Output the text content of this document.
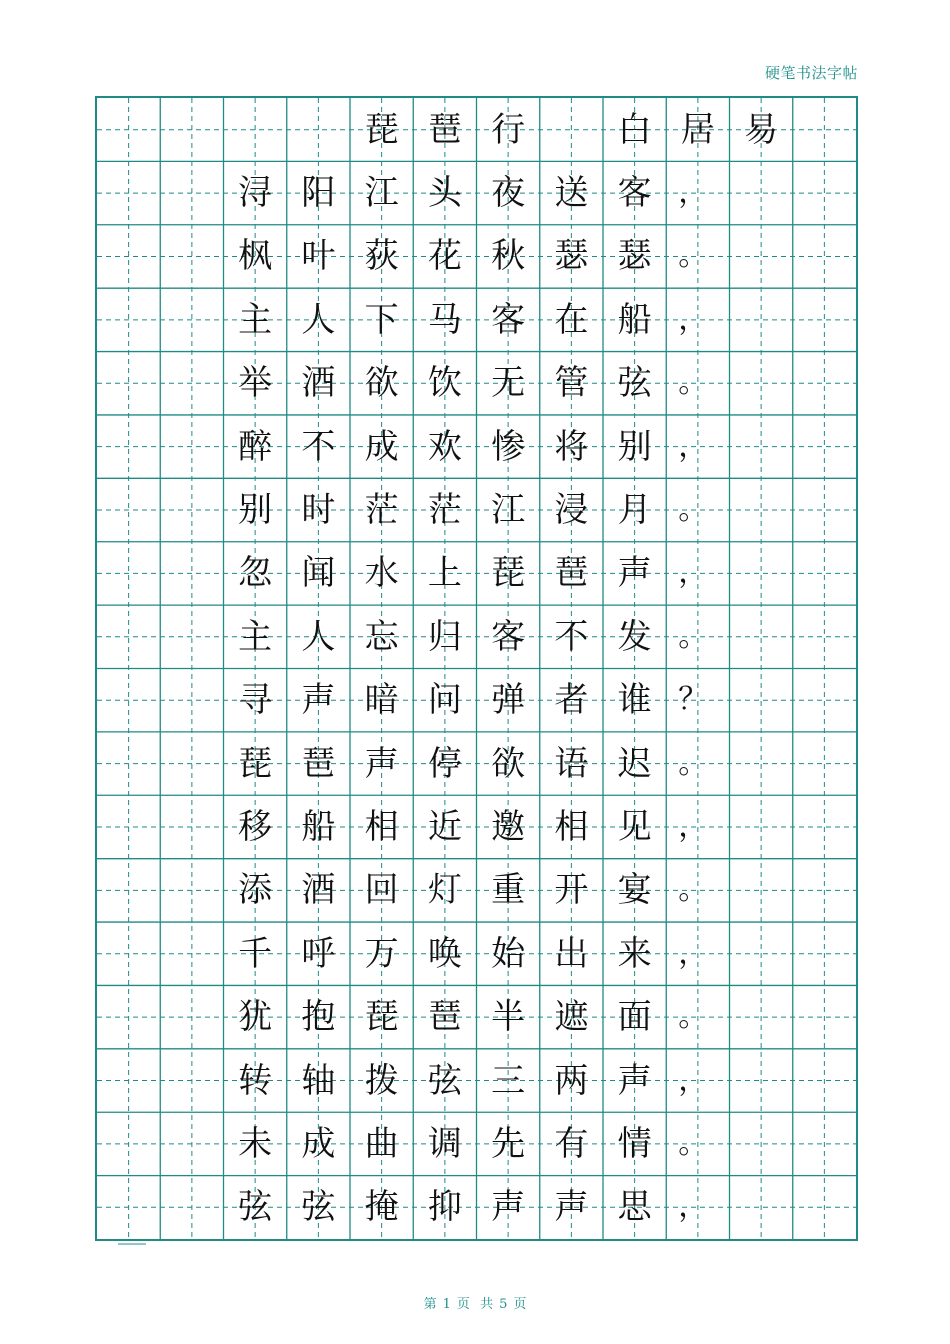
硬笔书法字帖
琵 琶 行	白 居 易
浔 阳 江 头 夜 送 客 ，
枫 叶 荻 花 秋 瑟 瑟 。
主 人 下 马 客 在 船 ，
举 酒 欲 饮 无 管 弦 。
醉 不 成 欢 惨 将 别 ，
别 时 茫 茫 江 浸 月 。
忽 闻 水 上 琵 琶 声 ，
主 人 忘 归 客 不 发 。
寻 声 暗 问 弹 者 谁 ？
琵 琶 声 停 欲 语 迟 。
移 船 相 近 邀 相 见 ，
添 酒 回 灯 重 开 宴 。
千 呼 万 唤 始 出 来 ，
犹 抱 琵 琶 半 遮 面 。
转 轴 拨 弦 三 两 声 ，
未 成 曲 调 先 有 情 。
弦 弦 掩 抑 声 声 思 ，
第 1 页 共 5 页
